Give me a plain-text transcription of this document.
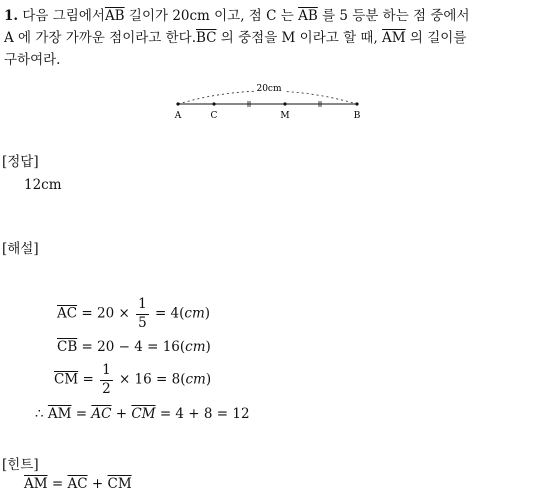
1. 다음 그림에서$\overline{AB}$ 길이가 20cm 이고, 점 C 는 $\overline{AB}$ 를 5 등분 하는 점 중에서
A 에 가장 가까운 점이라고 한다$.\overline{BC}$ 의 중점을 M 이라고 할 때, $\overline{AM}$ 의 길이를
구하여라.
20cm
A	C	M	B
[정답]
12cm
[해설]
$\overline{AC} = 20 \times \frac{1}{5} = 4(cm)$
$\overline{CB} = 20 - 4 = 16(cm)$
$\overline{CM} = \frac{1}{2} \times 16 = 8(cm)$
∴ $\overline{AM} = \overline{AC} + \overline{CM} = 4 + 8 = 12$
[힌트]
$\overline{AM} = \overline{AC} + \overline{CM}$
